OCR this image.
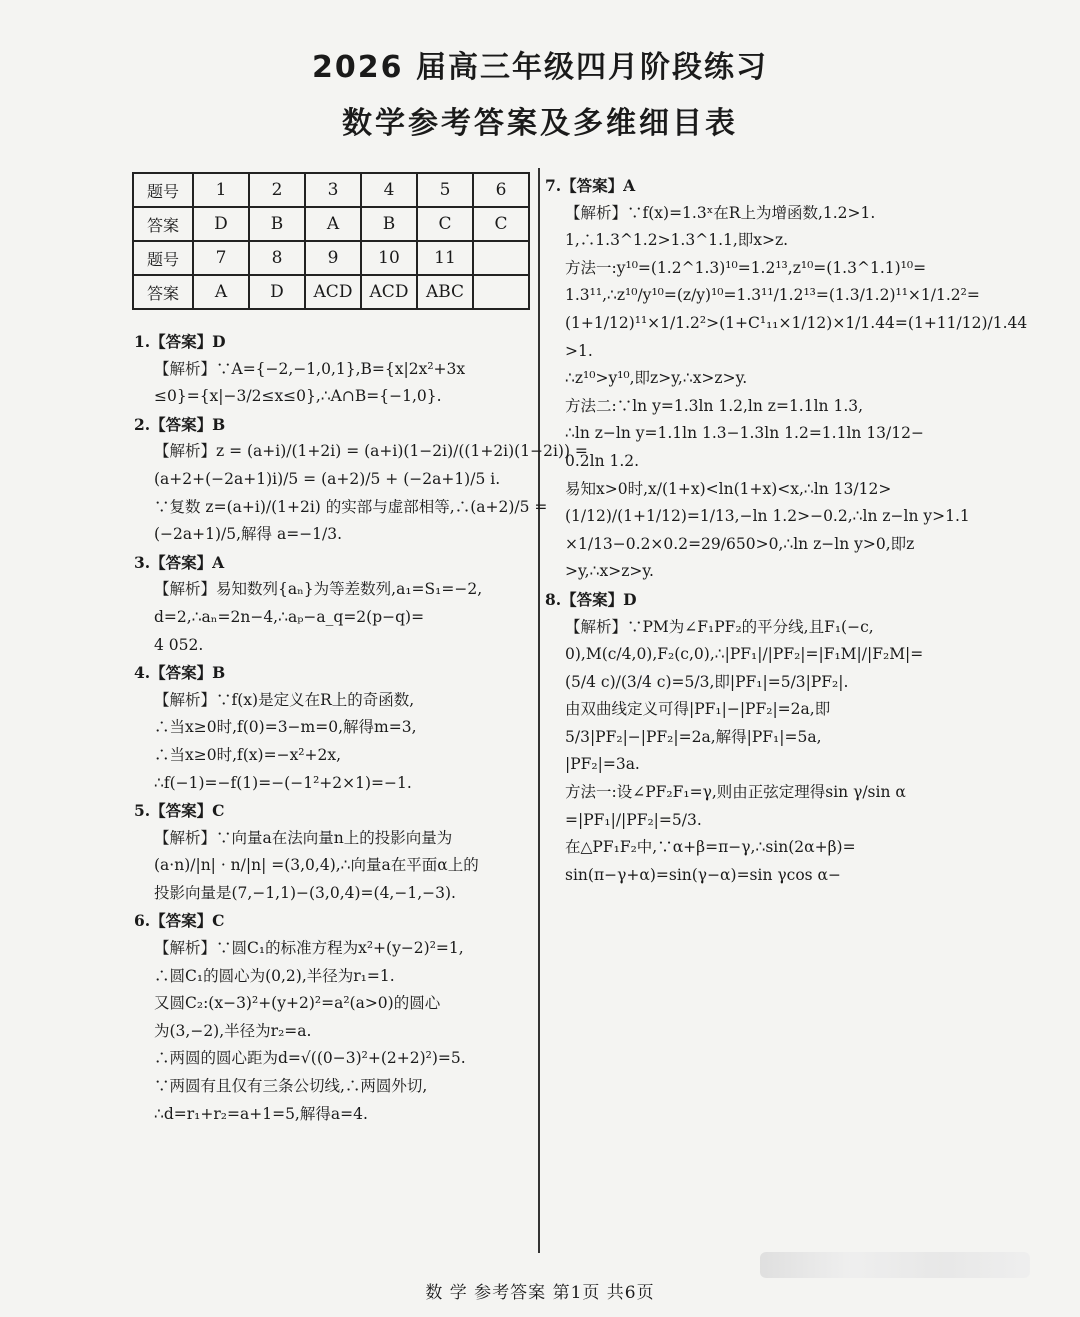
2026 届高三年级四月阶段练习
数学参考答案及多维细目表
题号	1	2	3	4	5	6
答案	D	B	A	B	C	C
题号	7	8	9	10	11	
答案	A	D	ACD	ACD	ABC	

1.【答案】D

【解析】∵A={−2,−1,0,1},B={x|2x²+3x

≤0}={x|−3/2≤x≤0},∴A∩B={−1,0}.

2.【答案】B

【解析】z = (a+i)/(1+2i) = (a+i)(1−2i)/((1+2i)(1−2i)) =

(a+2+(−2a+1)i)/5 = (a+2)/5 + (−2a+1)/5 i.

∵复数 z=(a+i)/(1+2i) 的实部与虚部相等,∴(a+2)/5 =

(−2a+1)/5,解得 a=−1/3.

3.【答案】A

【解析】易知数列{aₙ}为等差数列,a₁=S₁=−2,

d=2,∴aₙ=2n−4,∴aₚ−a_q=2(p−q)=

4 052.

4.【答案】B

【解析】∵f(x)是定义在R上的奇函数,

∴当x≥0时,f(0)=3−m=0,解得m=3,

∴当x≥0时,f(x)=−x²+2x,

∴f(−1)=−f(1)=−(−1²+2×1)=−1.

5.【答案】C

【解析】∵向量a在法向量n上的投影向量为

(a·n)/|n| · n/|n| =(3,0,4),∴向量a在平面α上的

投影向量是(7,−1,1)−(3,0,4)=(4,−1,−3).

6.【答案】C

【解析】∵圆C₁的标准方程为x²+(y−2)²=1,

∴圆C₁的圆心为(0,2),半径为r₁=1.

又圆C₂:(x−3)²+(y+2)²=a²(a>0)的圆心

为(3,−2),半径为r₂=a.

∴两圆的圆心距为d=√((0−3)²+(2+2)²)=5.

∵两圆有且仅有三条公切线,∴两圆外切,

∴d=r₁+r₂=a+1=5,解得a=4.

7.【答案】A

【解析】∵f(x)=1.3ˣ在R上为增函数,1.2>1.

1,∴1.3^1.2>1.3^1.1,即x>z.

方法一:y¹⁰=(1.2^1.3)¹⁰=1.2¹³,z¹⁰=(1.3^1.1)¹⁰=

1.3¹¹,∴z¹⁰/y¹⁰=(z/y)¹⁰=1.3¹¹/1.2¹³=(1.3/1.2)¹¹×1/1.2²=

(1+1/12)¹¹×1/1.2²>(1+C¹₁₁×1/12)×1/1.44=(1+11/12)/1.44

>1.

∴z¹⁰>y¹⁰,即z>y,∴x>z>y.

方法二:∵ln y=1.3ln 1.2,ln z=1.1ln 1.3,

∴ln z−ln y=1.1ln 1.3−1.3ln 1.2=1.1ln 13/12−

0.2ln 1.2.

易知x>0时,x/(1+x)<ln(1+x)<x,∴ln 13/12>

(1/12)/(1+1/12)=1/13,−ln 1.2>−0.2,∴ln z−ln y>1.1

×1/13−0.2×0.2=29/650>0,∴ln z−ln y>0,即z

>y,∴x>z>y.

8.【答案】D

【解析】∵PM为∠F₁PF₂的平分线,且F₁(−c,

0),M(c/4,0),F₂(c,0),∴|PF₁|/|PF₂|=|F₁M|/|F₂M|=

(5/4 c)/(3/4 c)=5/3,即|PF₁|=5/3|PF₂|.

由双曲线定义可得|PF₁|−|PF₂|=2a,即

5/3|PF₂|−|PF₂|=2a,解得|PF₁|=5a,

|PF₂|=3a.

方法一:设∠PF₂F₁=γ,则由正弦定理得sin γ/sin α

=|PF₁|/|PF₂|=5/3.

在△PF₁F₂中,∵α+β=π−γ,∴sin(2α+β)=

sin(π−γ+α)=sin(γ−α)=sin γcos α−

数 学 参考答案 第1页 共6页
